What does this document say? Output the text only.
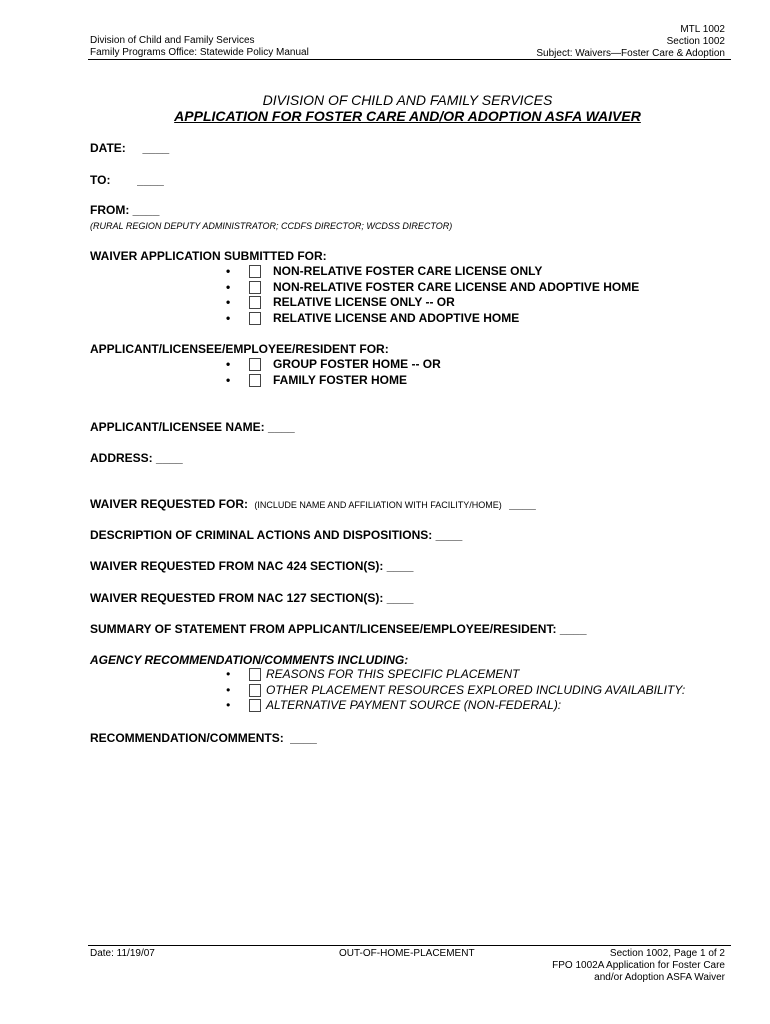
Division of Child and Family Services
Family Programs Office: Statewide Policy Manual
MTL 1002
Section 1002
Subject: Waivers—Foster Care & Adoption
DIVISION OF CHILD AND FAMILY SERVICES
APPLICATION FOR FOSTER CARE AND/OR ADOPTION ASFA WAIVER
DATE: ____
TO: ____
FROM: ____
(RURAL REGION DEPUTY ADMINISTRATOR; CCDFS DIRECTOR; WCDSS DIRECTOR)
WAIVER APPLICATION SUBMITTED FOR:
•	NON-RELATIVE FOSTER CARE LICENSE ONLY
•	NON-RELATIVE FOSTER CARE LICENSE AND ADOPTIVE HOME
•	RELATIVE LICENSE ONLY -- OR
•	RELATIVE LICENSE AND ADOPTIVE HOME
APPLICANT/LICENSEE/EMPLOYEE/RESIDENT FOR:
•	GROUP FOSTER HOME -- OR
•	FAMILY FOSTER HOME
APPLICANT/LICENSEE NAME: ____
ADDRESS: ____
WAIVER REQUESTED FOR: (INCLUDE NAME AND AFFILIATION WITH FACILITY/HOME) ____
DESCRIPTION OF CRIMINAL ACTIONS AND DISPOSITIONS: ____
WAIVER REQUESTED FROM NAC 424 SECTION(S): ____
WAIVER REQUESTED FROM NAC 127 SECTION(S): ____
SUMMARY OF STATEMENT FROM APPLICANT/LICENSEE/EMPLOYEE/RESIDENT: ____
AGENCY RECOMMENDATION/COMMENTS INCLUDING:
•	REASONS FOR THIS SPECIFIC PLACEMENT
•	OTHER PLACEMENT RESOURCES EXPLORED INCLUDING AVAILABILITY:
•	ALTERNATIVE PAYMENT SOURCE (NON-FEDERAL):
RECOMMENDATION/COMMENTS: ____
Date: 11/19/07	OUT-OF-HOME-PLACEMENT	Section 1002, Page 1 of 2
FPO 1002A Application for Foster Care
and/or Adoption ASFA Waiver
